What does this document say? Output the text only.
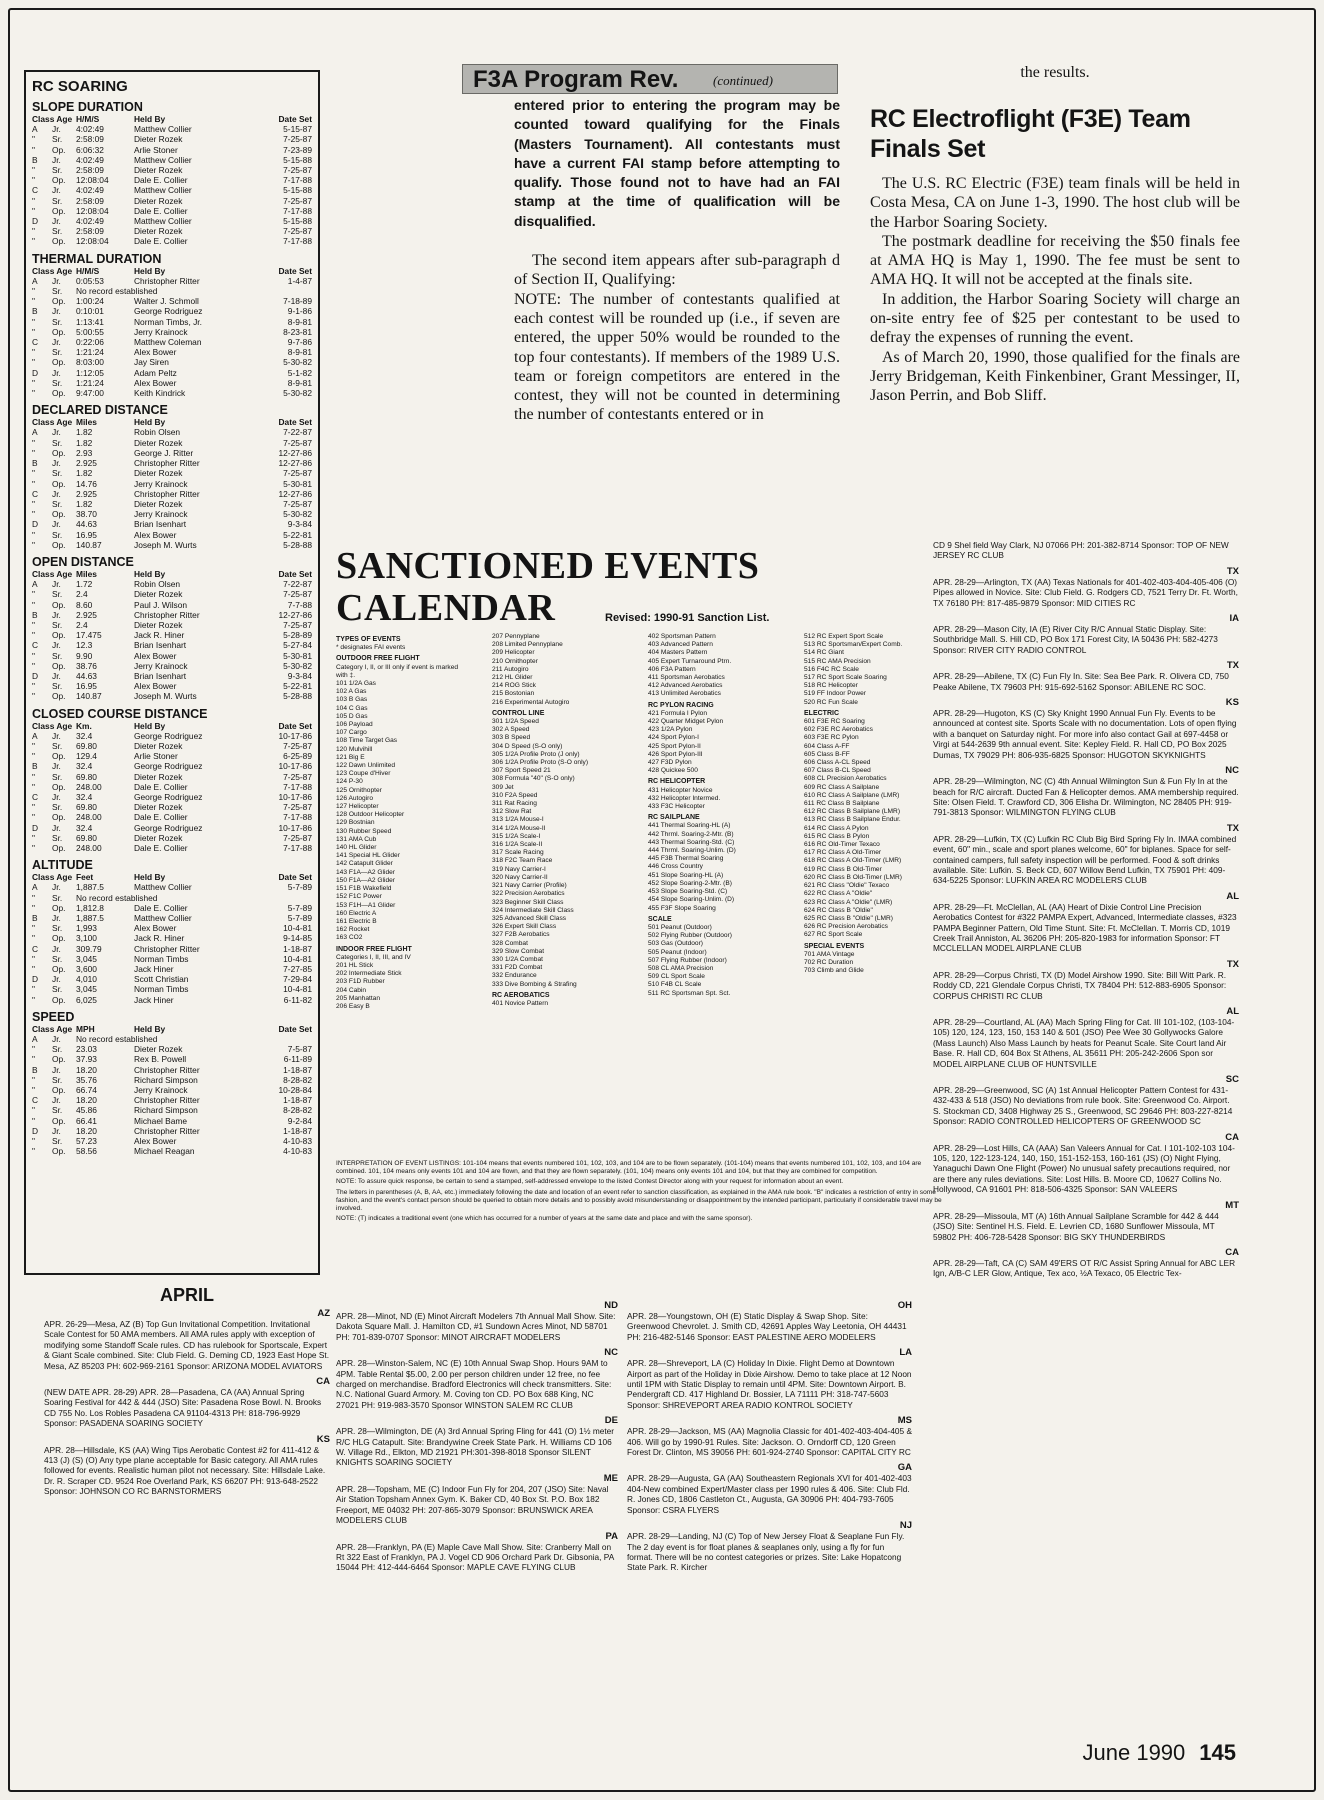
RC SOARING
SLOPE DURATION
Class Age		H/M/S	Held By	Date Set
A	Jr.	4:02:49	Matthew Collier	5-15-87
"	Sr.	2:58:09	Dieter Rozek	7-25-87
"	Op.	6:06:32	Arlie Stoner	7-23-89
B	Jr.	4:02:49	Matthew Collier	5-15-88
"	Sr.	2:58:09	Dieter Rozek	7-25-87
"	Op.	12:08:04	Dale E. Collier	7-17-88
C	Jr.	4:02:49	Matthew Collier	5-15-88
"	Sr.	2:58:09	Dieter Rozek	7-25-87
"	Op.	12:08:04	Dale E. Collier	7-17-88
D	Jr.	4:02:49	Matthew Collier	5-15-88
"	Sr.	2:58:09	Dieter Rozek	7-25-87
"	Op.	12:08:04	Dale E. Collier	7-17-88
THERMAL DURATION
Class Age		H/M/S	Held By	Date Set
A	Jr.	0:05:53	Christopher Ritter	1-4-87
"	Sr.	No record established		
"	Op.	1:00:24	Walter J. Schmoll	7-18-89
B	Jr.	0:10:01	George Rodriguez	9-1-86
"	Sr.	1:13:41	Norman Timbs, Jr.	8-9-81
"	Op.	5:00:55	Jerry Krainock	8-23-81
C	Jr.	0:22:06	Matthew Coleman	9-7-86
"	Sr.	1:21:24	Alex Bower	8-9-81
"	Op.	8:03:00	Jay Siren	5-30-82
D	Jr.	1:12:05	Adam Peltz	5-1-82
"	Sr.	1:21:24	Alex Bower	8-9-81
"	Op.	9:47:00	Keith Kindrick	5-30-82
DECLARED DISTANCE
Class Age		Miles	Held By	Date Set
A	Jr.	1.82	Robin Olsen	7-22-87
"	Sr.	1.82	Dieter Rozek	7-25-87
"	Op.	2.93	George J. Ritter	12-27-86
B	Jr.	2.925	Christopher Ritter	12-27-86
"	Sr.	1.82	Dieter Rozek	7-25-87
"	Op.	14.76	Jerry Krainock	5-30-81
C	Jr.	2.925	Christopher Ritter	12-27-86
"	Sr.	1.82	Dieter Rozek	7-25-87
"	Op.	38.70	Jerry Krainock	5-30-82
D	Jr.	44.63	Brian Isenhart	9-3-84
"	Sr.	16.95	Alex Bower	5-22-81
"	Op.	140.87	Joseph M. Wurts	5-28-88
OPEN DISTANCE
Class Age		Miles	Held By	Date Set
A	Jr.	1.72	Robin Olsen	7-22-87
"	Sr.	2.4	Dieter Rozek	7-25-87
"	Op.	8.60	Paul J. Wilson	7-7-88
B	Jr.	2.925	Christopher Ritter	12-27-86
"	Sr.	2.4	Dieter Rozek	7-25-87
"	Op.	17.475	Jack R. Hiner	5-28-89
C	Jr.	12.3	Brian Isenhart	5-27-84
"	Sr.	9.90	Alex Bower	5-30-81
"	Op.	38.76	Jerry Krainock	5-30-82
D	Jr.	44.63	Brian Isenhart	9-3-84
"	Sr.	16.95	Alex Bower	5-22-81
"	Op.	140.87	Joseph M. Wurts	5-28-88
CLOSED COURSE DISTANCE
Class Age		Km.	Held By	Date Set
A	Jr.	32.4	George Rodriguez	10-17-86
"	Sr.	69.80	Dieter Rozek	7-25-87
"	Op.	129.4	Arlie Stoner	6-25-89
B	Jr.	32.4	George Rodriguez	10-17-86
"	Sr.	69.80	Dieter Rozek	7-25-87
"	Op.	248.00	Dale E. Collier	7-17-88
C	Jr.	32.4	George Rodriguez	10-17-86
"	Sr.	69.80	Dieter Rozek	7-25-87
"	Op.	248.00	Dale E. Collier	7-17-88
D	Jr.	32.4	George Rodriguez	10-17-86
"	Sr.	69.80	Dieter Rozek	7-25-87
"	Op.	248.00	Dale E. Collier	7-17-88
ALTITUDE
Class Age		Feet	Held By	Date Set
A	Jr.	1,887.5	Matthew Collier	5-7-89
"	Sr.	No record established		
"	Op.	1,812.8	Dale E. Collier	5-7-89
B	Jr.	1,887.5	Matthew Collier	5-7-89
"	Sr.	1,993	Alex Bower	10-4-81
"	Op.	3,100	Jack R. Hiner	9-14-85
C	Jr.	309.79	Christopher Ritter	1-18-87
"	Sr.	3,045	Norman Timbs	10-4-81
"	Op.	3,600	Jack Hiner	7-27-85
D	Jr.	4,010	Scott Christian	7-29-84
"	Sr.	3,045	Norman Timbs	10-4-81
"	Op.	6,025	Jack Hiner	6-11-82
SPEED
Class Age		MPH	Held By	Date Set
A	Jr.	No record established		
"	Sr.	23.03	Dieter Rozek	7-5-87
"	Op.	37.93	Rex B. Powell	6-11-89
B	Jr.	18.20	Christopher Ritter	1-18-87
"	Sr.	35.76	Richard Simpson	8-28-82
"	Op.	66.74	Jerry Krainock	10-28-84
C	Jr.	18.20	Christopher Ritter	1-18-87
"	Sr.	45.86	Richard Simpson	8-28-82
"	Op.	66.41	Michael Bame	9-2-84
D	Jr.	18.20	Christopher Ritter	1-18-87
"	Sr.	57.23	Alex Bower	4-10-83
"	Op.	58.56	Michael Reagan	4-10-83
APRIL
AZ
APR. 26-29—Mesa, AZ (B) Top Gun Invitational Competition. Invitational Scale Contest for 50 AMA members. All AMA rules apply with exception of modifying some Standoff Scale rules. CD has rulebook for Sportscale, Expert & Giant Scale combined. Site: Club Field. G. Deming CD, 1923 East Hope St. Mesa, AZ 85203 PH: 602-969-2161 Sponsor: ARIZONA MODEL AVIATORS
CA
(NEW DATE APR. 28-29) APR. 28—Pasadena, CA (AA) Annual Spring Soaring Festival for 442 & 444 (JSO) Site: Pasadena Rose Bowl. N. Brooks CD 755 No. Los Robles Pasadena CA 91104-4313 PH: 818-796-9929 Sponsor: PASADENA SOARING SOCIETY
KS
APR. 28—Hillsdale, KS (AA) Wing Tips Aerobatic Contest #2 for 411-412 & 413 (J) (S) (O) Any type plane acceptable for Basic category. All AMA rules followed for events. Realistic human pilot not necessary. Site: Hillsdale Lake. Dr. R. Scraper CD. 9524 Roe Overland Park, KS 66207 PH: 913-648-2522 Sponsor: JOHNSON CO RC BARNSTORMERS
F3A Program Rev.	(continued)

entered prior to entering the program may be counted toward qualifying for the Finals (Masters Tournament). All contestants must have a current FAI stamp before attempting to qualify. Those found not to have had an FAI stamp at the time of qualification will be disqualified.

The second item appears after sub-paragraph d of Section II, Qualifying:

NOTE: The number of contestants qualified at each contest will be rounded up (i.e., if seven are entered, the upper 50% would be rounded to the top four contestants). If members of the 1989 U.S. team or foreign competitors are entered in the contest, they will not be counted in determining the number of contestants entered or in

the results.
RC Electroflight (F3E) Team Finals Set

The U.S. RC Electric (F3E) team finals will be held in Costa Mesa, CA on June 1-3, 1990. The host club will be the Harbor Soaring Society.

The postmark deadline for receiving the $50 finals fee at AMA HQ is May 1, 1990. The fee must be sent to AMA HQ. It will not be accepted at the finals site.

In addition, the Harbor Soaring Society will charge an on-site entry fee of $25 per contestant to be used to defray the expenses of running the event.

As of March 20, 1990, those qualified for the finals are Jerry Bridgeman, Keith Finkenbiner, Grant Messinger, II, Jason Perrin, and Bob Sliff.

SANCTIONED EVENTS
CALENDAR	Revised: 1990-91 Sanction List.
TYPES OF EVENTS
* designates FAI events
OUTDOOR FREE FLIGHT
Category I, II, or III only if event is marked with ‡.
101 1/2A Gas
102 A Gas
103 B Gas
104 C Gas
105 D Gas
106 Payload
107 Cargo
108 Time Target Gas
120 Mulvihill
121 Big E
122 Dawn Unlimited
123 Coupe d'Hiver
124 P-30
125 Ornithopter
126 Autogiro
127 Helicopter
128 Outdoor Helicopter
129 Bostnian
130 Rubber Speed
131 AMA Cub
140 HL Glider
141 Special HL Glider
142 Catapult Glider
143 F1A—A2 Glider
150 F1A—A2 Glider
151 F1B Wakefield
152 F1C Power
153 F1H—A1 Glider
160 Electric A
161 Electric B
162 Rocket
163 CO2
INDOOR FREE FLIGHT
Categories I, II, III, and IV
201 HL Stick
202 Intermediate Stick
203 F1D Rubber
204 Cabin
205 Manhattan
206 Easy B
207 Pennyplane
208 Limited Pennyplane
209 Helicopter
210 Ornithopter
211 Autogiro
212 HL Glider
214 ROG Stick
215 Bostonian
216 Experimental Autogiro
CONTROL LINE
301 1/2A Speed
302 A Speed
303 B Speed
304 D Speed (S-O only)
305 1/2A Profile Proto (J only)
306 1/2A Profile Proto (S-O only)
307 Sport Speed 21
308 Formula "40" (S-O only)
309 Jet
310 F2A Speed
311 Rat Racing
312 Slow Rat
313 1/2A Mouse-I
314 1/2A Mouse-II
315 1/2A Scale-I
316 1/2A Scale-II
317 Scale Racing
318 F2C Team Race
319 Navy Carrier-I
320 Navy Carrier-II
321 Navy Carrier (Profile)
322 Precision Aerobatics
323 Beginner Skill Class
324 Intermediate Skill Class
325 Advanced Skill Class
326 Expert Skill Class
327 F2B Aerobatics
328 Combat
329 Slow Combat
330 1/2A Combat
331 F2D Combat
332 Endurance
333 Dive Bombing & Strafing
RC AEROBATICS
401 Novice Pattern
402 Sportsman Pattern
403 Advanced Pattern
404 Masters Pattern
405 Expert Turnaround Ptrn.
406 F3A Pattern
411 Sportsman Aerobatics
412 Advanced Aerobatics
413 Unlimited Aerobatics
RC PYLON RACING
421 Formula I Pylon
422 Quarter Midget Pylon
423 1/2A Pylon
424 Sport Pylon-I
425 Sport Pylon-II
426 Sport Pylon-III
427 F3D Pylon
428 Quickee 500
RC HELICOPTER
431 Helicopter Novice
432 Helicopter Intermed.
433 F3C Helicopter
RC SAILPLANE
441 Thermal Soaring-HL (A)
442 Thrml. Soaring-2-Mtr. (B)
443 Thermal Soaring-Std. (C)
444 Thrml. Soaring-Unlim. (D)
445 F3B Thermal Soaring
446 Cross Country
451 Slope Soaring-HL (A)
452 Slope Soaring-2-Mtr. (B)
453 Slope Soaring-Std. (C)
454 Slope Soaring-Unlim. (D)
455 F3F Slope Soaring
SCALE
501 Peanut (Outdoor)
502 Flying Rubber (Outdoor)
503 Gas (Outdoor)
505 Peanut (Indoor)
507 Flying Rubber (Indoor)
508 CL AMA Precision
509 CL Sport Scale
510 F4B CL Scale
511 RC Sportsman Spt. Sct.
512 RC Expert Sport Scale
513 RC Sportsman/Expert Comb.
514 RC Giant
515 RC AMA Precision
516 F4C RC Scale
517 RC Sport Scale Soaring
518 RC Helicopter
519 FF Indoor Power
520 RC Fun Scale
ELECTRIC
601 F3E RC Soaring
602 F3E RC Aerobatics
603 F3E RC Pylon
604 Class A-FF
605 Class B-FF
606 Class A-CL Speed
607 Class B-CL Speed
608 CL Precision Aerobatics
609 RC Class A Sailplane
610 RC Class A Sailplane (LMR)
611 RC Class B Sailplane
612 RC Class B Sailplane (LMR)
613 RC Class B Sailplane Endur.
614 RC Class A Pylon
615 RC Class B Pylon
616 RC Old-Timer Texaco
617 RC Class A Old-Timer
618 RC Class A Old-Timer (LMR)
619 RC Class B Old-Timer
620 RC Class B Old-Timer (LMR)
621 RC Class "Oldie" Texaco
622 RC Class A "Oldie"
623 RC Class A "Oldie" (LMR)
624 RC Class B "Oldie"
625 RC Class B "Oldie" (LMR)
626 RC Precision Aerobatics
627 RC Sport Scale
SPECIAL EVENTS
701 AMA Vintage
702 RC Duration
703 Climb and Glide

INTERPRETATION OF EVENT LISTINGS: 101-104 means that events numbered 101, 102, 103, and 104 are to be flown separately. (101-104) means that events numbered 101, 102, 103, and 104 are combined. 101, 104 means only events 101 and 104 are flown, and that they are flown separately. (101, 104) means only events 101 and 104, but that they are combined for competition.

NOTE: To assure quick response, be certain to send a stamped, self-addressed envelope to the listed Contest Director along with your request for information about an event.

The letters in parentheses (A, B, AA, etc.) immediately following the date and location of an event refer to sanction classification, as explained in the AMA rule book. "B" indicates a restriction of entry in some fashion, and the event's contact person should be queried to obtain more details and to possibly avoid misunderstanding or disappointment by the intended participant, particularly if considerable travel may be involved.

NOTE: (T) indicates a traditional event (one which has occurred for a number of years at the same date and place and with the same sponsor).

ND
APR. 28—Minot, ND (E) Minot Aircraft Modelers 7th Annual Mall Show. Site: Dakota Square Mall. J. Hamilton CD, #1 Sundown Acres Minot, ND 58701 PH: 701-839-0707 Sponsor: MINOT AIRCRAFT MODELERS
NC
APR. 28—Winston-Salem, NC (E) 10th Annual Swap Shop. Hours 9AM to 4PM. Table Rental $5.00, 2.00 per person children under 12 free, no fee charged on merchandise. Bradford Electronics will check transmitters. Site: N.C. National Guard Armory. M. Coving ton CD. PO Box 688 King, NC 27021 PH: 919-983-3570 Sponsor WINSTON SALEM RC CLUB
DE
APR. 28—Wilmington, DE (A) 3rd Annual Spring Fling for 441 (O) 1½ meter R/C HLG Catapult. Site: Brandywine Creek State Park. H. Williams CD 106 W. Village Rd., Elkton, MD 21921 PH:301-398-8018 Sponsor SILENT KNIGHTS SOARING SOCIETY
ME
APR. 28—Topsham, ME (C) Indoor Fun Fly for 204, 207 (JSO) Site: Naval Air Station Topsham Annex Gym. K. Baker CD, 40 Box St. P.O. Box 182 Freeport, ME 04032 PH: 207-865-3079 Sponsor: BRUNSWICK AREA MODELERS CLUB
PA
APR. 28—Franklyn, PA (E) Maple Cave Mall Show. Site: Cranberry Mall on Rt 322 East of Franklyn, PA J. Vogel CD 906 Orchard Park Dr. Gibsonia, PA 15044 PH: 412-444-6464 Sponsor: MAPLE CAVE FLYING CLUB
OH
APR. 28—Youngstown, OH (E) Static Display & Swap Shop. Site: Greenwood Chevrolet. J. Smith CD, 42691 Apples Way Leetonia, OH 44431 PH: 216-482-5146 Sponsor: EAST PALESTINE AERO MODELERS
LA
APR. 28—Shreveport, LA (C) Holiday In Dixie. Flight Demo at Downtown Airport as part of the Holiday in Dixie Airshow. Demo to take place at 12 Noon until 1PM with Static Display to remain until 4PM. Site: Downtown Airport. B. Pendergraft CD. 417 Highland Dr. Bossier, LA 71111 PH: 318-747-5603 Sponsor: SHREVEPORT AREA RADIO KONTROL SOCIETY
MS
APR. 28-29—Jackson, MS (AA) Magnolia Classic for 401-402-403-404-405 & 406. Will go by 1990-91 Rules. Site: Jackson. O. Orndorff CD, 120 Green Forest Dr. Clinton, MS 39056 PH: 601-924-2740 Sponsor: CAPITAL CITY RC
GA
APR. 28-29—Augusta, GA (AA) Southeastern Regionals XVI for 401-402-403 404-New combined Expert/Master class per 1990 rules & 406. Site: Club Fld. R. Jones CD, 1806 Castleton Ct., Augusta, GA 30906 PH: 404-793-7605 Sponsor: CSRA FLYERS
NJ
APR. 28-29—Landing, NJ (C) Top of New Jersey Float & Seaplane Fun Fly. The 2 day event is for float planes & seaplanes only, using a fly for fun format. There will be no contest categories or prizes. Site: Lake Hopatcong State Park. R. Kircher
CD 9 Shel field Way Clark, NJ 07066 PH: 201-382-8714 Sponsor: TOP OF NEW JERSEY RC CLUB
TX
APR. 28-29—Arlington, TX (AA) Texas Nationals for 401-402-403-404-405-406 (O) Pipes allowed in Novice. Site: Club Field. G. Rodgers CD, 7521 Terry Dr. Ft. Worth, TX 76180 PH: 817-485-9879 Sponsor: MID CITIES RC
IA
APR. 28-29—Mason City, IA (E) River City R/C Annual Static Display. Site: Southbridge Mall. S. Hill CD, PO Box 171 Forest City, IA 50436 PH: 582-4273 Sponsor: RIVER CITY RADIO CONTROL
TX
APR. 28-29—Abilene, TX (C) Fun Fly In. Site: Sea Bee Park. R. Olivera CD, 750 Peake Abilene, TX 79603 PH: 915-692-5162 Sponsor: ABILENE RC SOC.
KS
APR. 28-29—Hugoton, KS (C) Sky Knight 1990 Annual Fun Fly. Events to be announced at contest site. Sports Scale with no documentation. Lots of open flying with a banquet on Saturday night. For more info also contact Gail at 697-4458 or Virgi at 544-2639 9th annual event. Site: Kepley Field. R. Hall CD, PO Box 2025 Dumas, TX 79029 PH: 806-935-6825 Sponsor: HUGOTON SKYKNIGHTS
NC
APR. 28-29—Wilmington, NC (C) 4th Annual Wilmington Sun & Fun Fly In at the beach for R/C aircraft. Ducted Fan & Helicopter demos. AMA membership required. Site: Olsen Field. T. Crawford CD, 306 Elisha Dr. Wilmington, NC 28405 PH: 919-791-3813 Sponsor: WILMINGTON FLYING CLUB
TX
APR. 28-29—Lufkin, TX (C) Lufkin RC Club Big Bird Spring Fly In. IMAA combined event, 60" min., scale and sport planes welcome, 60" for biplanes. Space for self-contained campers, full safety inspection will be performed. Food & soft drinks available. Site: Lufkin. S. Beck CD, 607 Willow Bend Lufkin, TX 75901 PH: 409-634-5225 Sponsor: LUFKIN AREA RC MODELERS CLUB
AL
APR. 28-29—Ft. McClellan, AL (AA) Heart of Dixie Control Line Precision Aerobatics Contest for #322 PAMPA Expert, Advanced, Intermediate classes, #323 PAMPA Beginner Pattern, Old Time Stunt. Site: Ft. McClellan. T. Morris CD, 1019 Creek Trail Anniston, AL 36206 PH: 205-820-1983 for information Sponsor: FT MCCLELLAN MODEL AIRPLANE CLUB
TX
APR. 28-29—Corpus Christi, TX (D) Model Airshow 1990. Site: Bill Witt Park. R. Roddy CD, 221 Glendale Corpus Christi, TX 78404 PH: 512-883-6905 Sponsor: CORPUS CHRISTI RC CLUB
AL
APR. 28-29—Courtland, AL (AA) Mach Spring Fling for Cat. III 101-102, (103-104-105) 120, 124, 123, 150, 153 140 & 501 (JSO) Pee Wee 30 Gollywocks Galore (Mass Launch) Also Mass Launch by heats for Peanut Scale. Site Court land Air Base. R. Hall CD, 604 Box St Athens, AL 35611 PH: 205-242-2606 Spon sor MODEL AIRPLANE CLUB OF HUNTSVILLE
SC
APR. 28-29—Greenwood, SC (A) 1st Annual Helicopter Pattern Contest for 431-432-433 & 518 (JSO) No deviations from rule book. Site: Greenwood Co. Airport. S. Stockman CD, 3408 Highway 25 S., Greenwood, SC 29646 PH: 803-227-8214 Sponsor: RADIO CONTROLLED HELICOPTERS OF GREENWOOD SC
CA
APR. 28-29—Lost Hills, CA (AAA) San Valeers Annual for Cat. I 101-102-103 104-105, 120, 122-123-124, 140, 150, 151-152-153, 160-161 (JS) (O) Night Flying, Yanaguchi Dawn One Flight (Power) No unusual safety precautions required, nor are there any rules deviations. Site: Lost Hills. B. Moore CD, 10627 Collins No. Hollywood, CA 91601 PH: 818-506-4325 Sponsor: SAN VALEERS
MT
APR. 28-29—Missoula, MT (A) 16th Annual Sailplane Scramble for 442 & 444 (JSO) Site: Sentinel H.S. Field. E. Levrien CD, 1680 Sunflower Missoula, MT 59802 PH: 406-728-5428 Sponsor: BIG SKY THUNDERBIRDS
CA
APR. 28-29—Taft, CA (C) SAM 49'ERS OT R/C Assist Spring Annual for ABC LER Ign, A/B-C LER Glow, Antique, Tex aco, ½A Texaco, 05 Electric Tex-
June 1990 145
